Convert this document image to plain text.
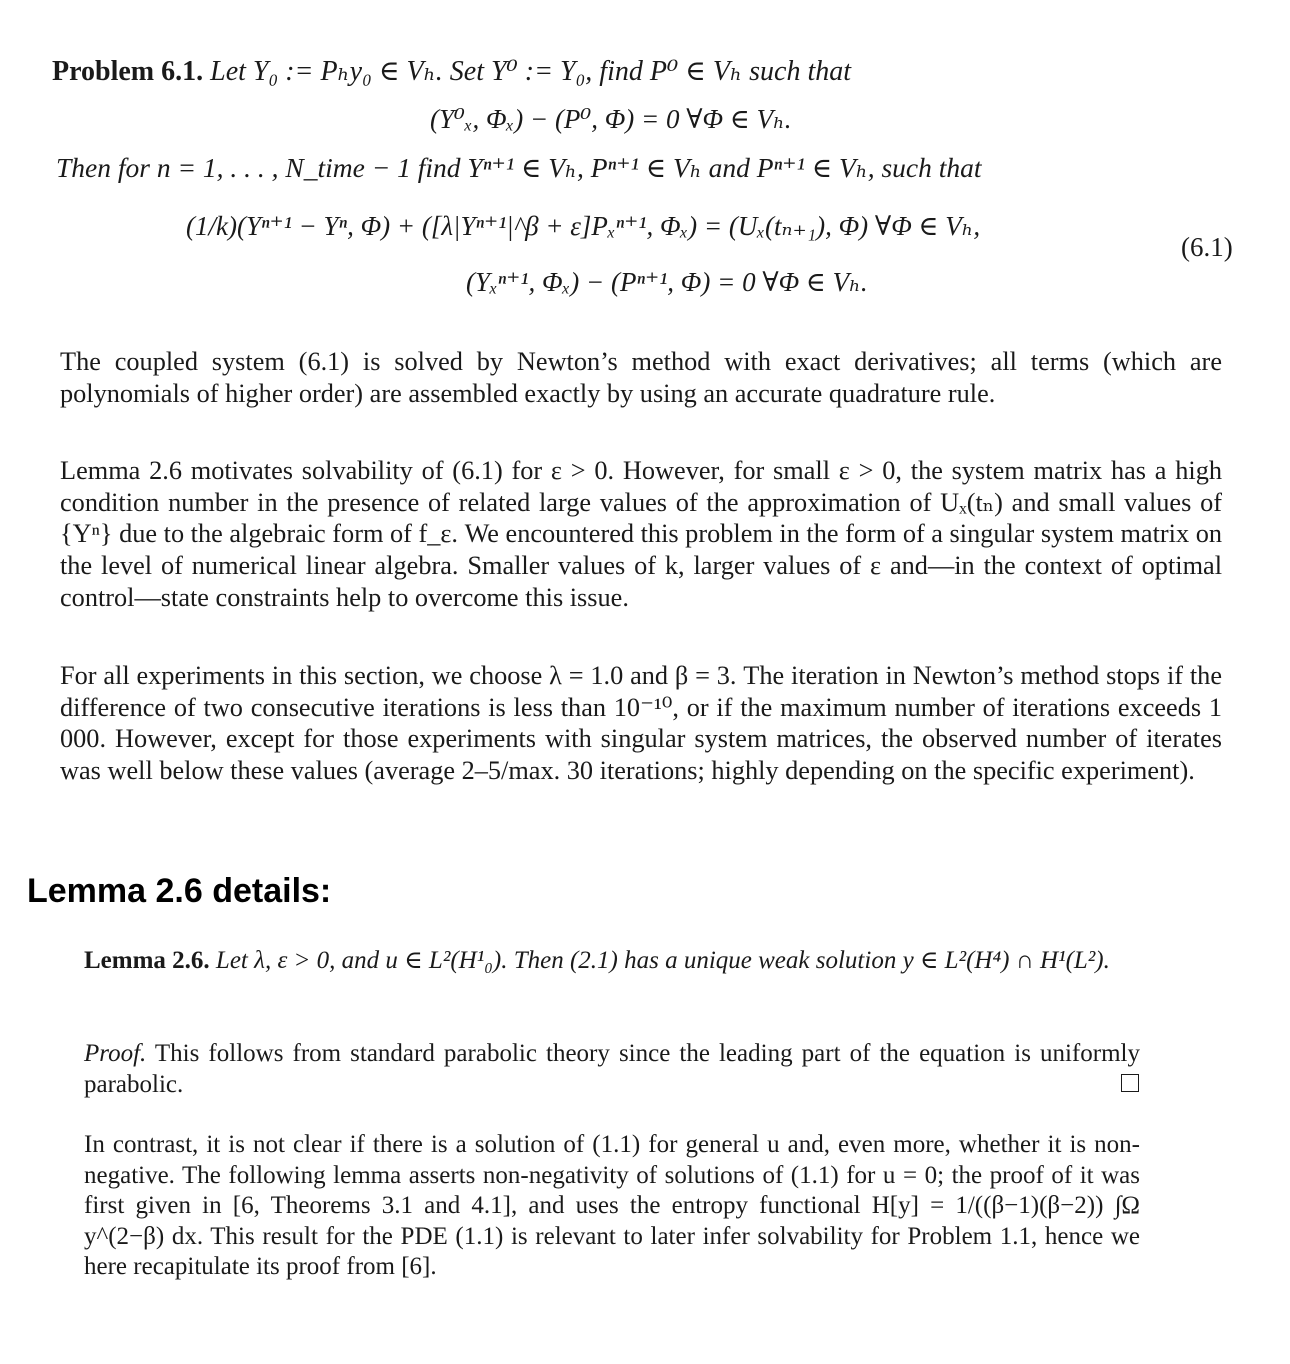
Problem 6.1. Let Y₀ := Pₕy₀ ∈ Vₕ. Set Y⁰ := Y₀, find P⁰ ∈ Vₕ such that
(Y⁰ₓ, Φₓ) − (P⁰, Φ) = 0 ∀Φ ∈ Vₕ.
Then for n = 1, . . . , N_time − 1 find Yⁿ⁺¹ ∈ Vₕ, Pⁿ⁺¹ ∈ Vₕ and Pⁿ⁺¹ ∈ Vₕ, such that
(1/k)(Yⁿ⁺¹ − Yⁿ, Φ) + ([λ|Yⁿ⁺¹|^β + ε]Pₓⁿ⁺¹, Φₓ) = (Uₓ(tₙ₊₁), Φ) ∀Φ ∈ Vₕ,
(Yₓⁿ⁺¹, Φₓ) − (Pⁿ⁺¹, Φ) = 0 ∀Φ ∈ Vₕ.
(6.1)
The coupled system (6.1) is solved by Newton’s method with exact derivatives; all terms (which are polynomials of higher order) are assembled exactly by using an accurate quadrature rule.
Lemma 2.6 motivates solvability of (6.1) for ε > 0. However, for small ε > 0, the system matrix has a high condition number in the presence of related large values of the approximation of Uₓ(tₙ) and small values of {Yⁿ} due to the algebraic form of f_ε. We encountered this problem in the form of a singular system matrix on the level of numerical linear algebra. Smaller values of k, larger values of ε and—in the context of optimal control—state constraints help to overcome this issue.
For all experiments in this section, we choose λ = 1.0 and β = 3. The iteration in Newton’s method stops if the difference of two consecutive iterations is less than 10⁻¹⁰, or if the maximum number of iterations exceeds 1 000. However, except for those experiments with singular system matrices, the observed number of iterates was well below these values (average 2–5/max. 30 iterations; highly depending on the specific experiment).
Lemma 2.6 details:
Lemma 2.6. Let λ, ε > 0, and u ∈ L²(H¹₀). Then (2.1) has a unique weak solution y ∈ L²(H⁴) ∩ H¹(L²).
Proof. This follows from standard parabolic theory since the leading part of the equation is uniformly parabolic.
In contrast, it is not clear if there is a solution of (1.1) for general u and, even more, whether it is non-negative. The following lemma asserts non-negativity of solutions of (1.1) for u = 0; the proof of it was first given in [6, Theorems 3.1 and 4.1], and uses the entropy functional H[y] = 1/((β−1)(β−2)) ∫Ω y^(2−β) dx. This result for the PDE (1.1) is relevant to later infer solvability for Problem 1.1, hence we here recapitulate its proof from [6].
